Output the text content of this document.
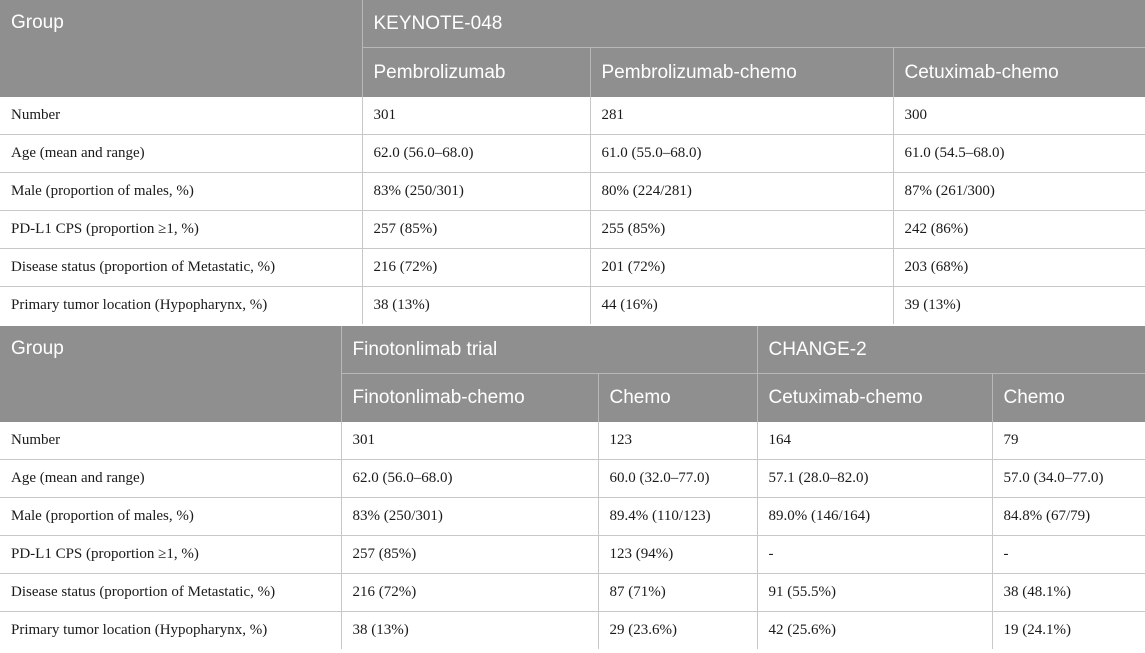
Group	KEYNOTE-048		
	Pembrolizumab	Pembrolizumab-chemo	Cetuximab-chemo
Number	301	281	300
Age (mean and range)	62.0 (56.0–68.0)	61.0 (55.0–68.0)	61.0 (54.5–68.0)
Male (proportion of males, %)	83% (250/301)	80% (224/281)	87% (261/300)
PD-L1 CPS (proportion ≥1, %)	257 (85%)	255 (85%)	242 (86%)
Disease status (proportion of Metastatic, %)	216 (72%)	201 (72%)	203 (68%)
Primary tumor location (Hypopharynx, %)	38 (13%)	44 (16%)	39 (13%)
Group	Finotonlimab trial		CHANGE-2	
	Finotonlimab-chemo	Chemo	Cetuximab-chemo	Chemo
Number	301	123	164	79
Age (mean and range)	62.0 (56.0–68.0)	60.0 (32.0–77.0)	57.1 (28.0–82.0)	57.0 (34.0–77.0)
Male (proportion of males, %)	83% (250/301)	89.4% (110/123)	89.0% (146/164)	84.8% (67/79)
PD-L1 CPS (proportion ≥1, %)	257 (85%)	123 (94%)	-	-
Disease status (proportion of Metastatic, %)	216 (72%)	87 (71%)	91 (55.5%)	38 (48.1%)
Primary tumor location (Hypopharynx, %)	38 (13%)	29 (23.6%)	42 (25.6%)	19 (24.1%)
